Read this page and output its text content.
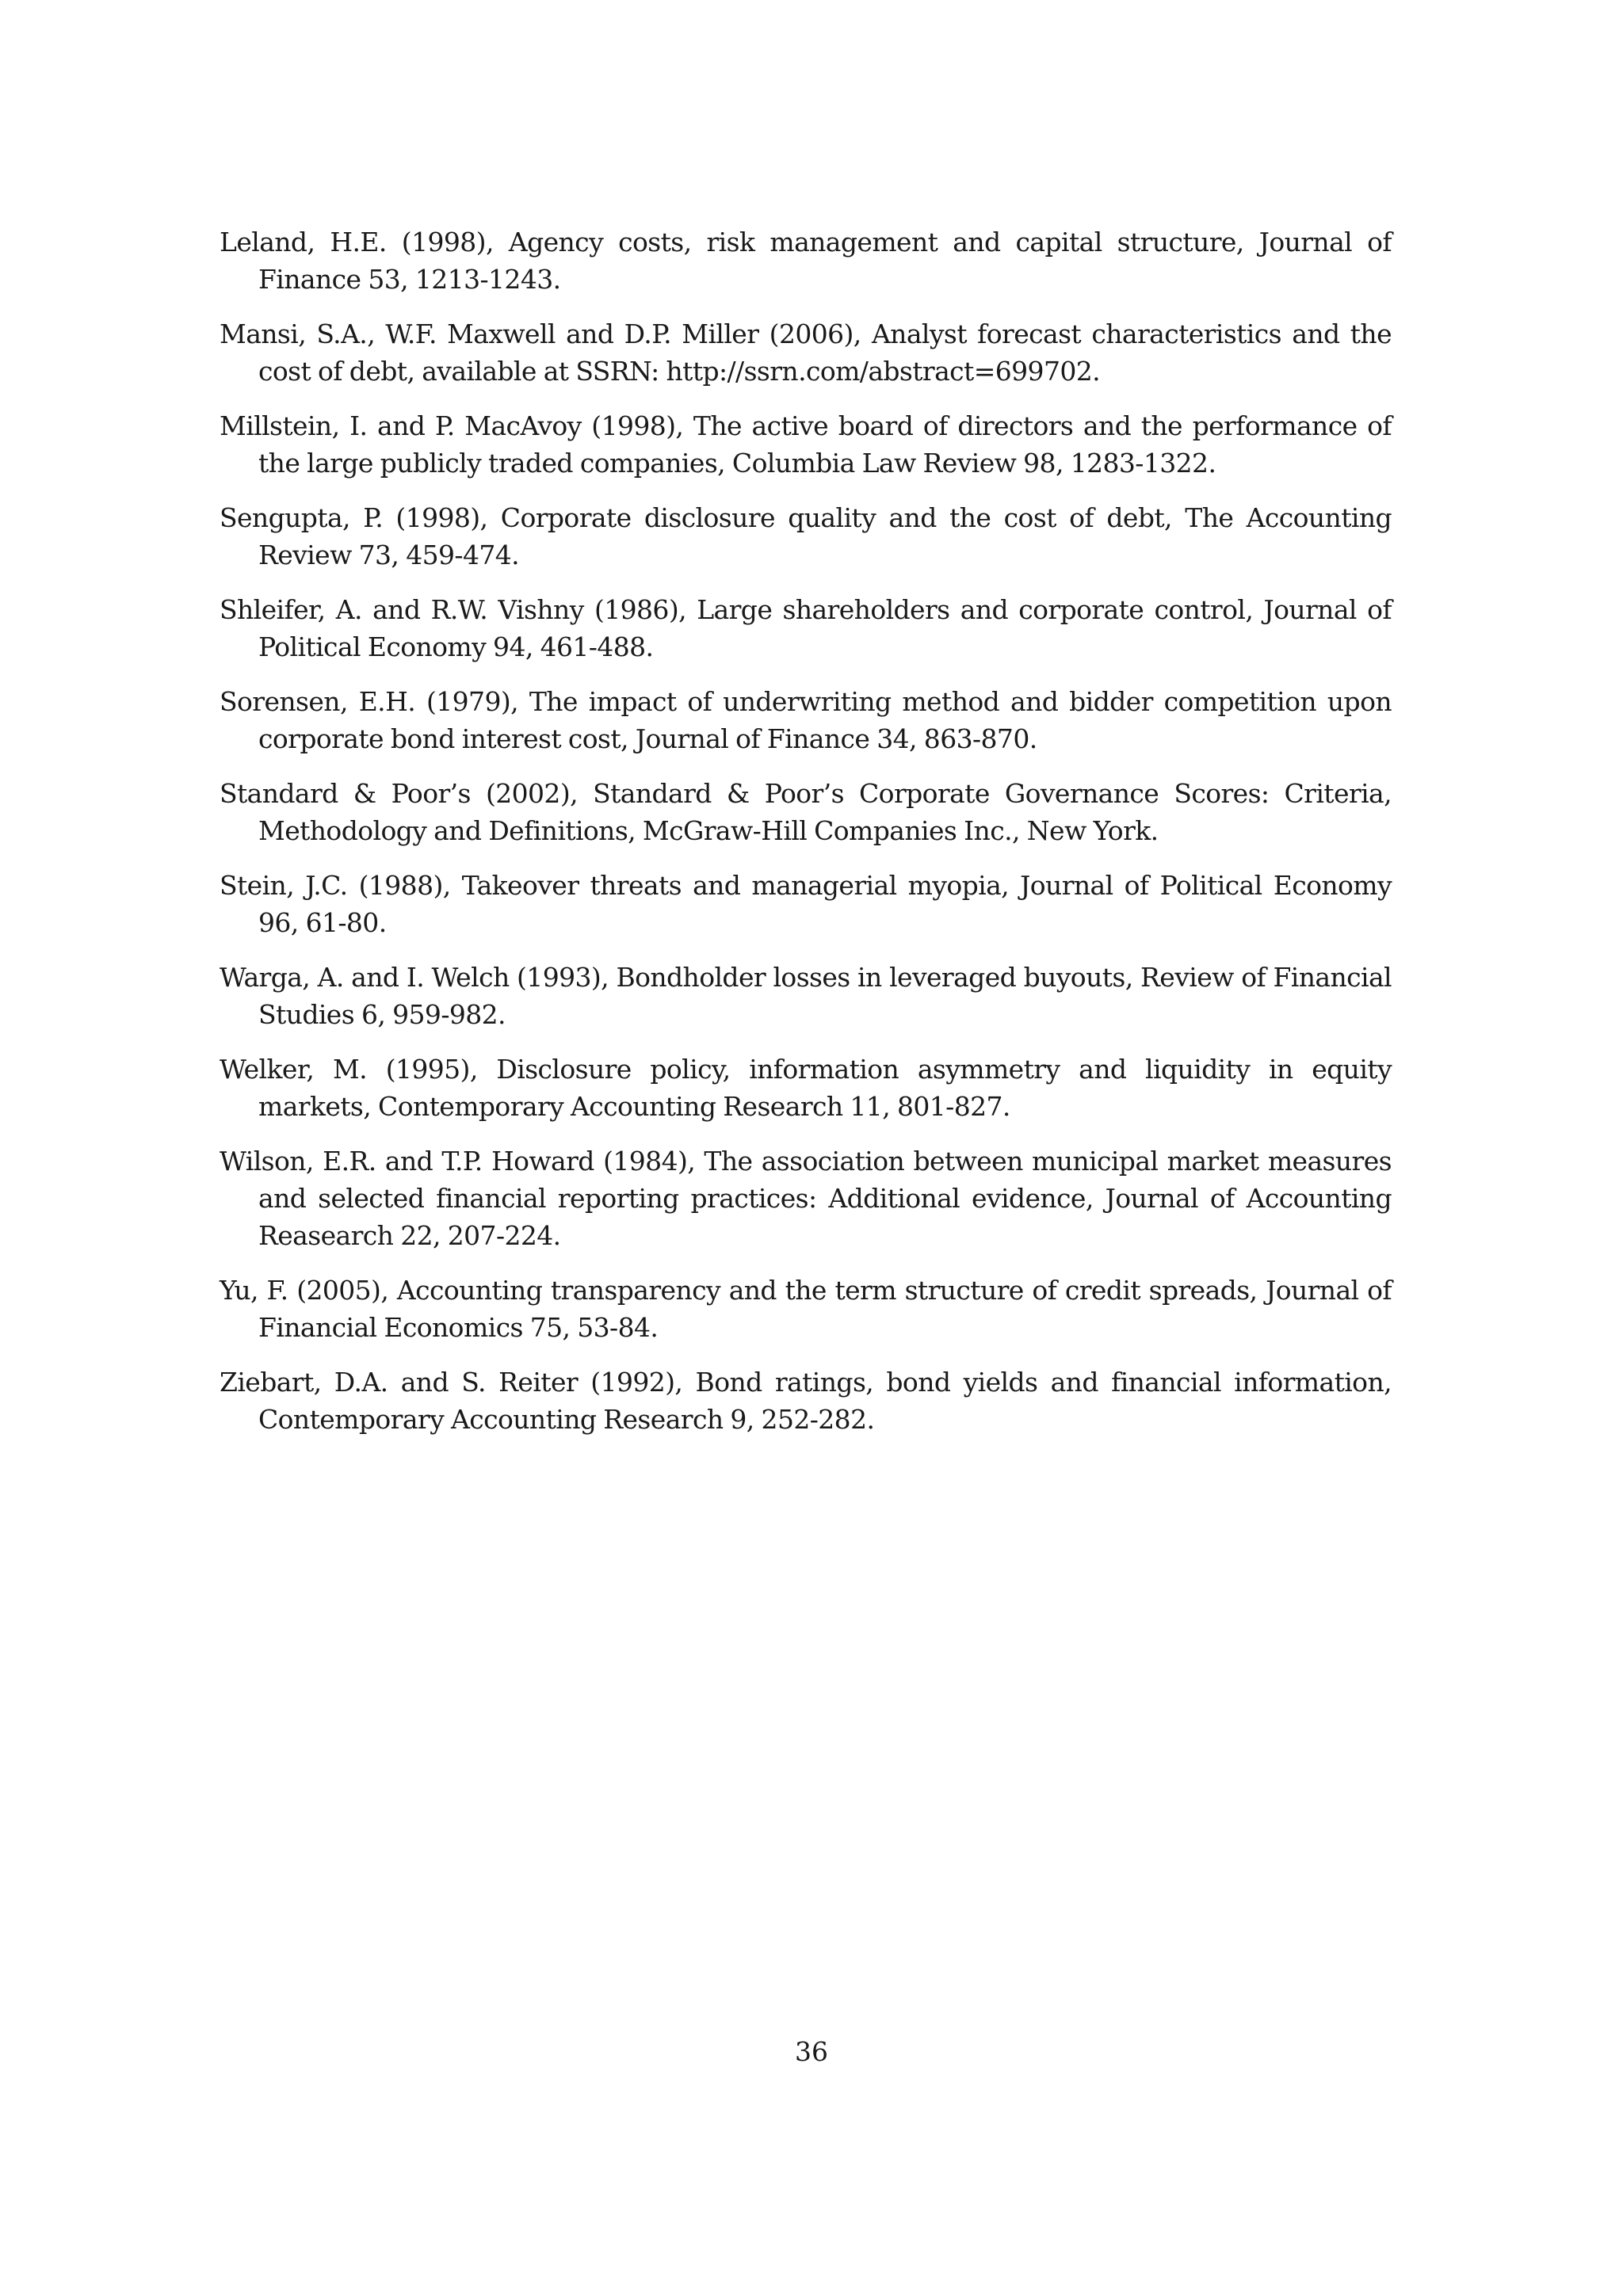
Leland, H.E. (1998), Agency costs, risk management and capital structure, Journal of Finance 53, 1213-1243.
Mansi, S.A., W.F. Maxwell and D.P. Miller (2006), Analyst forecast characteristics and the cost of debt, available at SSRN: http://ssrn.com/abstract=699702.
Millstein, I. and P. MacAvoy (1998), The active board of directors and the performance of the large publicly traded companies, Columbia Law Review 98, 1283-1322.
Sengupta, P. (1998), Corporate disclosure quality and the cost of debt, The Accounting Review 73, 459-474.
Shleifer, A. and R.W. Vishny (1986), Large shareholders and corporate control, Journal of Political Economy 94, 461-488.
Sorensen, E.H. (1979), The impact of underwriting method and bidder competition upon corporate bond interest cost, Journal of Finance 34, 863-870.
Standard & Poor’s (2002), Standard & Poor’s Corporate Governance Scores: Criteria, Methodology and Definitions, McGraw-Hill Companies Inc., New York.
Stein, J.C. (1988), Takeover threats and managerial myopia, Journal of Political Economy 96, 61-80.
Warga, A. and I. Welch (1993), Bondholder losses in leveraged buyouts, Review of Financial Studies 6, 959-982.
Welker, M. (1995), Disclosure policy, information asymmetry and liquidity in equity markets, Contemporary Accounting Research 11, 801-827.
Wilson, E.R. and T.P. Howard (1984), The association between municipal market measures and selected financial reporting practices: Additional evidence, Journal of Accounting Reasearch 22, 207-224.
Yu, F. (2005), Accounting transparency and the term structure of credit spreads, Journal of Financial Economics 75, 53-84.
Ziebart, D.A. and S. Reiter (1992), Bond ratings, bond yields and financial information, Contemporary Accounting Research 9, 252-282.
36
